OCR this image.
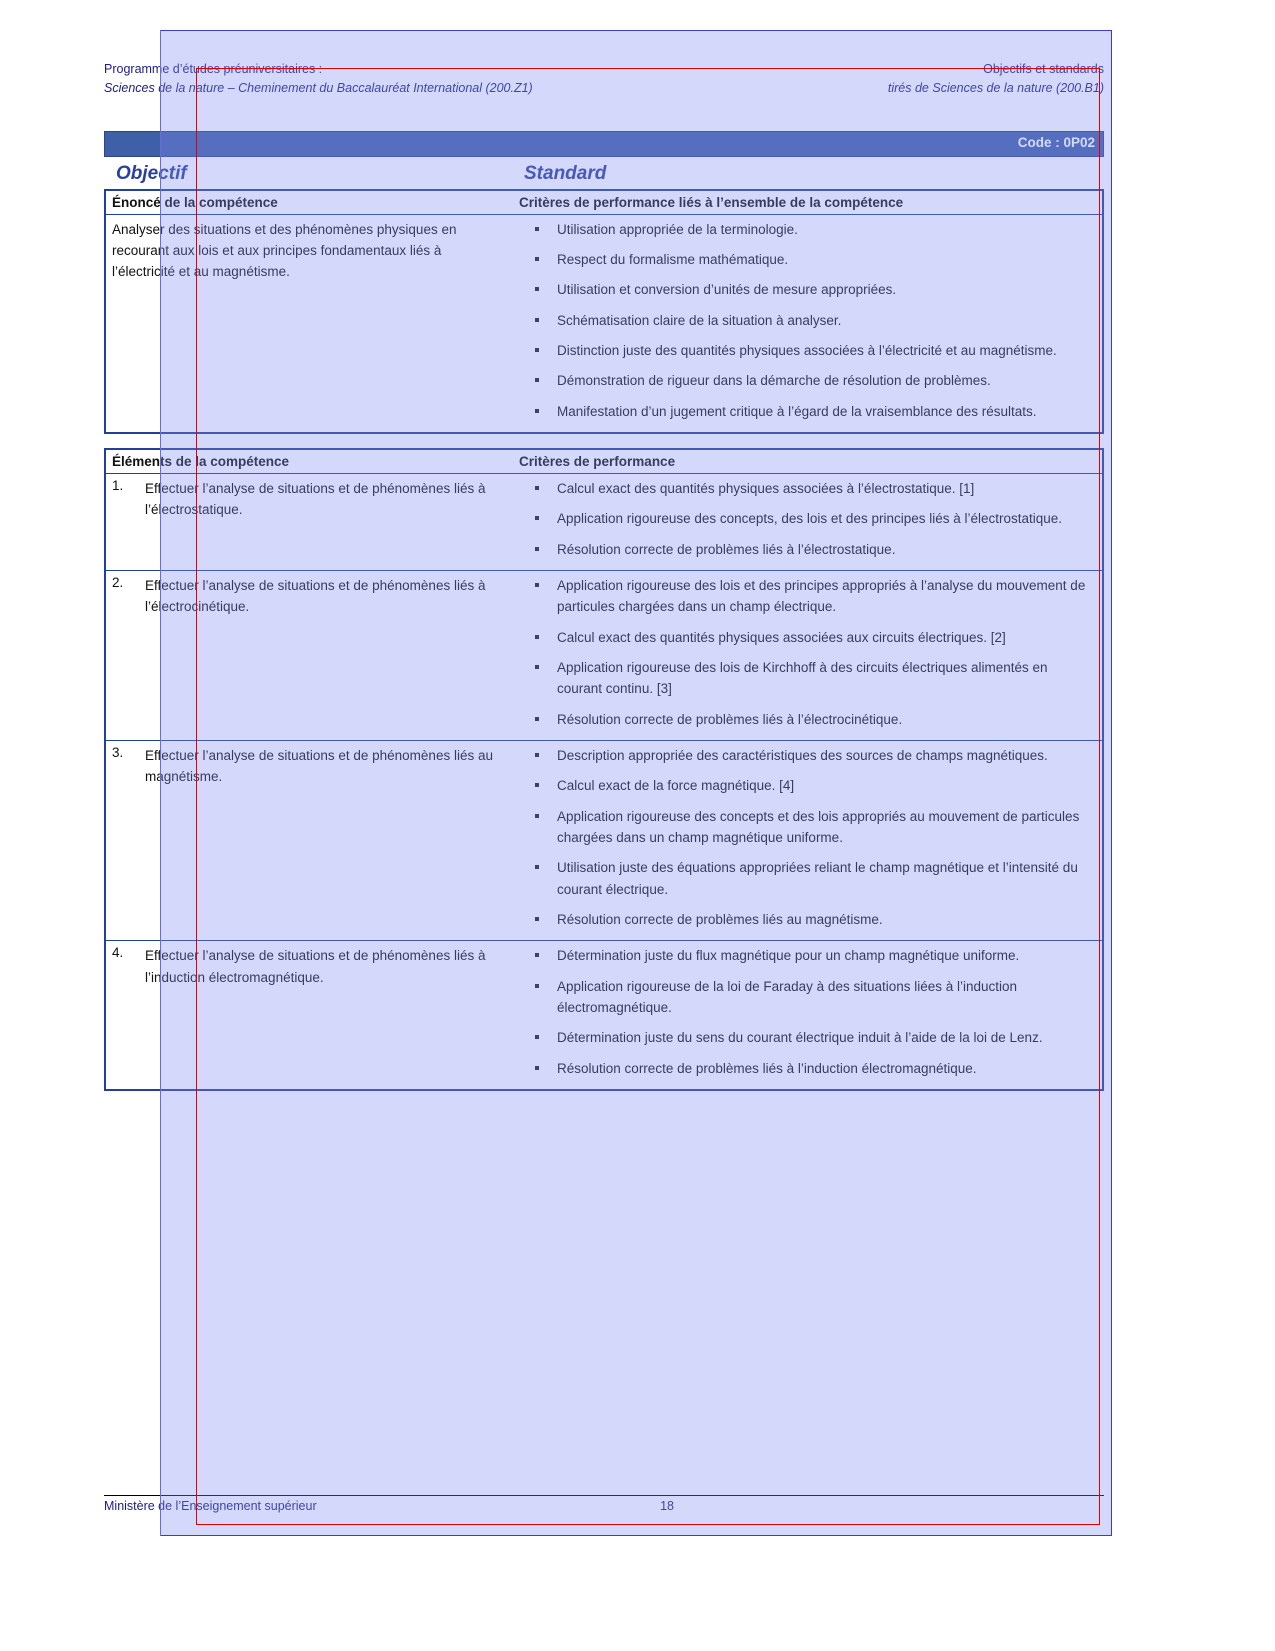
Programme d’études préuniversitaires :
Sciences de la nature – Cheminement du Baccalauréat International (200.Z1)
Objectifs et standards
tirés de Sciences de la nature (200.B1)
Code : 0P02
Objectif	Standard
Énoncé de la compétence	Critères de performance liés à l’ensemble de la compétence
Analyser des situations et des phénomènes physiques en recourant aux lois et aux principes fondamentaux liés à l’électricité et au magnétisme.	
Utilisation appropriée de la terminologie.
Respect du formalisme mathématique.
Utilisation et conversion d’unités de mesure appropriées.
Schématisation claire de la situation à analyser.
Distinction juste des quantités physiques associées à l’électricité et au magnétisme.
Démonstration de rigueur dans la démarche de résolution de problèmes.
Manifestation d’un jugement critique à l’égard de la vraisemblance des résultats.
Éléments de la compétence		Critères de performance
1.	Effectuer l’analyse de situations et de phénomènes liés à l’électrostatique.	
Calcul exact des quantités physiques associées à l’électrostatique. [1]
Application rigoureuse des concepts, des lois et des principes liés à l’électrostatique.
Résolution correcte de problèmes liés à l’électrostatique.

2.	Effectuer l’analyse de situations et de phénomènes liés à l’électrocinétique.	
Application rigoureuse des lois et des principes appropriés à l’analyse du mouvement de particules chargées dans un champ électrique.
Calcul exact des quantités physiques associées aux circuits électriques. [2]
Application rigoureuse des lois de Kirchhoff à des circuits électriques alimentés en courant continu. [3]
Résolution correcte de problèmes liés à l’électrocinétique.

3.	Effectuer l’analyse de situations et de phénomènes liés au magnétisme.	
Description appropriée des caractéristiques des sources de champs magnétiques.
Calcul exact de la force magnétique. [4]
Application rigoureuse des concepts et des lois appropriés au mouvement de particules chargées dans un champ magnétique uniforme.
Utilisation juste des équations appropriées reliant le champ magnétique et l’intensité du courant électrique.
Résolution correcte de problèmes liés au magnétisme.

4.	Effectuer l’analyse de situations et de phénomènes liés à l’induction électromagnétique.	
Détermination juste du flux magnétique pour un champ magnétique uniforme.
Application rigoureuse de la loi de Faraday à des situations liées à l’induction électromagnétique.
Détermination juste du sens du courant électrique induit à l’aide de la loi de Lenz.
Résolution correcte de problèmes liés à l’induction électromagnétique.
Ministère de l’Enseignement supérieur	18
